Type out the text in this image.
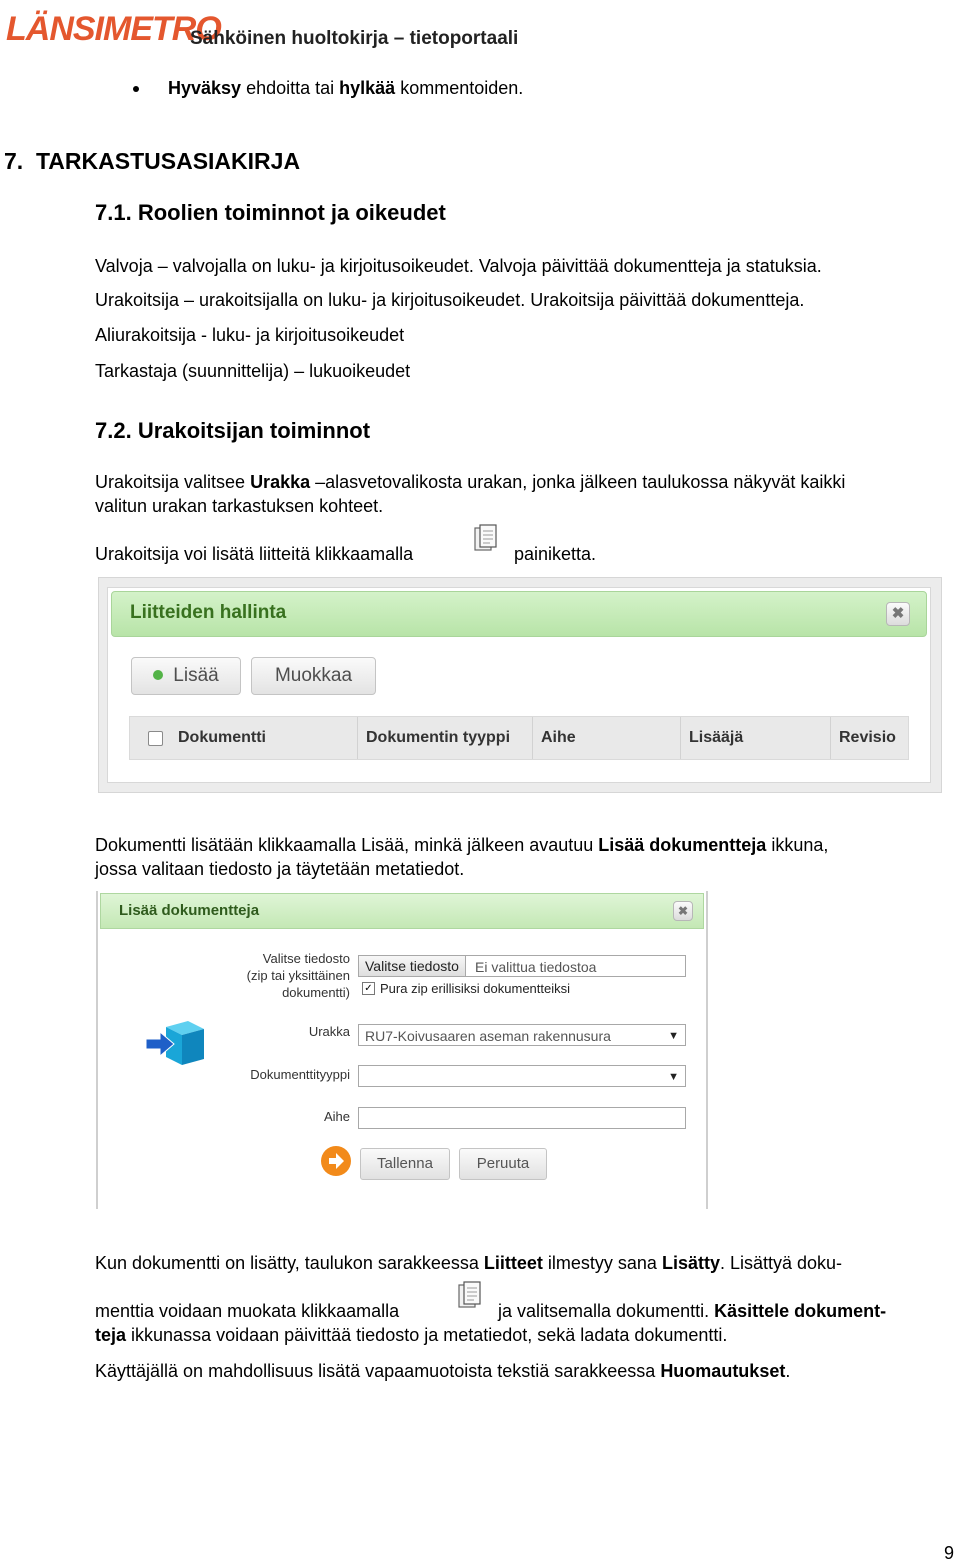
LÄNSIMETRO
Sähköinen huoltokirja – tietoportaali
Hyväksy ehdoitta tai hylkää kommentoiden.
7. TARKASTUSASIAKIRJA
7.1. Roolien toiminnot ja oikeudet
Valvoja – valvojalla on luku- ja kirjoitusoikeudet. Valvoja päivittää dokumentteja ja statuksia.
Urakoitsija – urakoitsijalla on luku- ja kirjoitusoikeudet. Urakoitsija päivittää dokumentteja.
Aliurakoitsija - luku- ja kirjoitusoikeudet
Tarkastaja (suunnittelija) – lukuoikeudet
7.2. Urakoitsijan toiminnot
Urakoitsija valitsee Urakka –alasvetovalikosta urakan, jonka jälkeen taulukossa näkyvät kaikki
valitun urakan tarkastuksen kohteet.
Urakoitsija voi lisätä liitteitä klikkaamalla	painiketta.
Liitteiden hallinta	✖
Lisää	Muokkaa
Dokumentti	Dokumentin tyyppi	Aihe	Lisääjä	Revisio
Dokumentti lisätään klikkaamalla Lisää, minkä jälkeen avautuu Lisää dokumentteja ikkuna,
jossa valitaan tiedosto ja täytetään metatiedot.
Lisää dokumentteja	✖
Valitse tiedosto
(zip tai yksittäinen
dokumentti)
Valitse tiedosto	Ei valittua tiedostoa
✓ Pura zip erillisiksi dokumentteiksi
Urakka	RU7-Koivusaaren aseman rakennusura	▼
Dokumenttityyppi	▼
Aihe
Tallenna	Peruuta
Kun dokumentti on lisätty, taulukon sarakkeessa Liitteet ilmestyy sana Lisätty. Lisättyä doku-
menttia voidaan muokata klikkaamalla	ja valitsemalla dokumentti. Käsittele dokument-
teja ikkunassa voidaan päivittää tiedosto ja metatiedot, sekä ladata dokumentti.
Käyttäjällä on mahdollisuus lisätä vapaamuotoista tekstiä sarakkeessa Huomautukset.
9
